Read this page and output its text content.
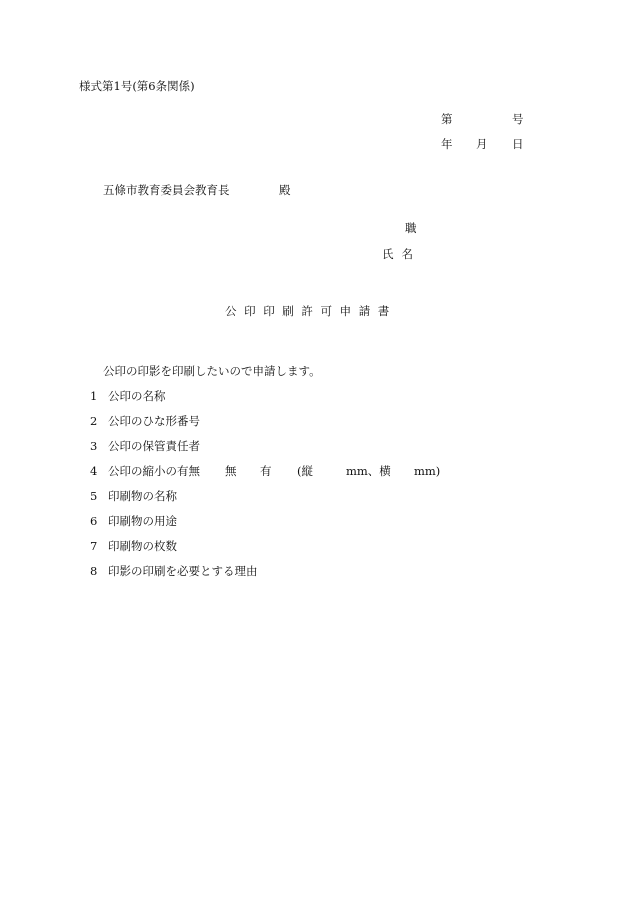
様式第1号(第6条関係)
第	号
年 月 日
五條市教育委員会教育長	殿
職
氏名
公印印刷許可申請書
公印の印影を印刷したいので申請します。
1 公印の名称
2 公印のひな形番号
3 公印の保管責任者
4 公印の縮小の有無 無 有 (縦	mm、横 mm)
5 印刷物の名称
6 印刷物の用途
7 印刷物の枚数
8 印影の印刷を必要とする理由
